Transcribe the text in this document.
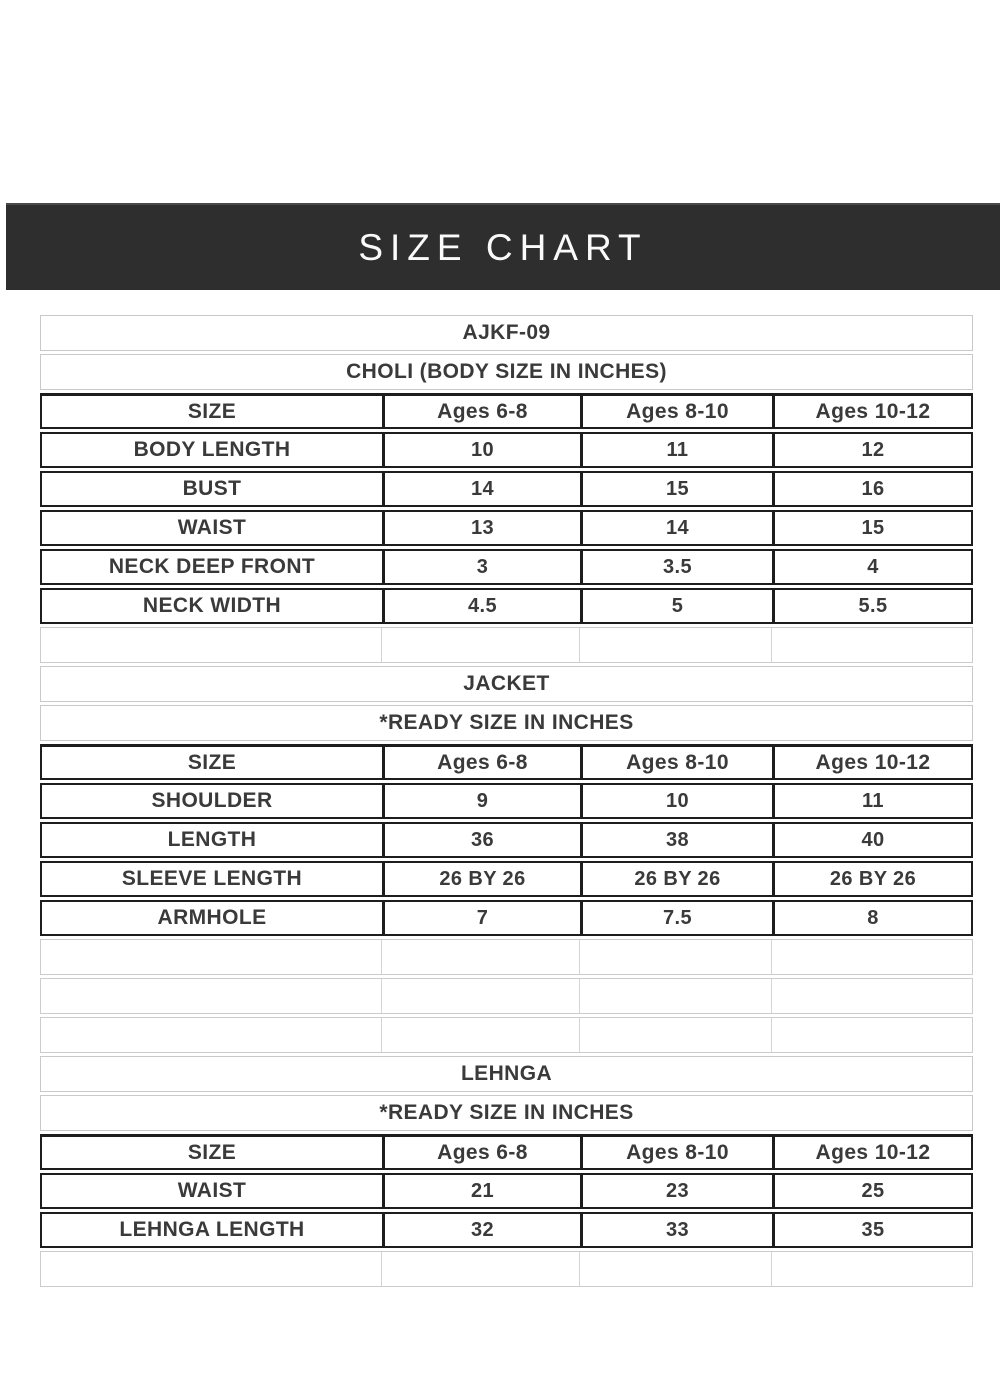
SIZE CHART
AJKF-09
CHOLI (BODY SIZE IN INCHES)
SIZE	Ages 6-8	Ages 8-10	Ages 10-12
BODY LENGTH	10	11	12
BUST	14	15	16
WAIST	13	14	15
NECK DEEP FRONT	3	3.5	4
NECK WIDTH	4.5	5	5.5
JACKET
*READY SIZE IN INCHES
SIZE	Ages 6-8	Ages 8-10	Ages 10-12
SHOULDER	9	10	11
LENGTH	36	38	40
SLEEVE LENGTH	26 BY 26	26 BY 26	26 BY 26
ARMHOLE	7	7.5	8
LEHNGA
*READY SIZE IN INCHES
SIZE	Ages 6-8	Ages 8-10	Ages 10-12
WAIST	21	23	25
LEHNGA LENGTH	32	33	35
